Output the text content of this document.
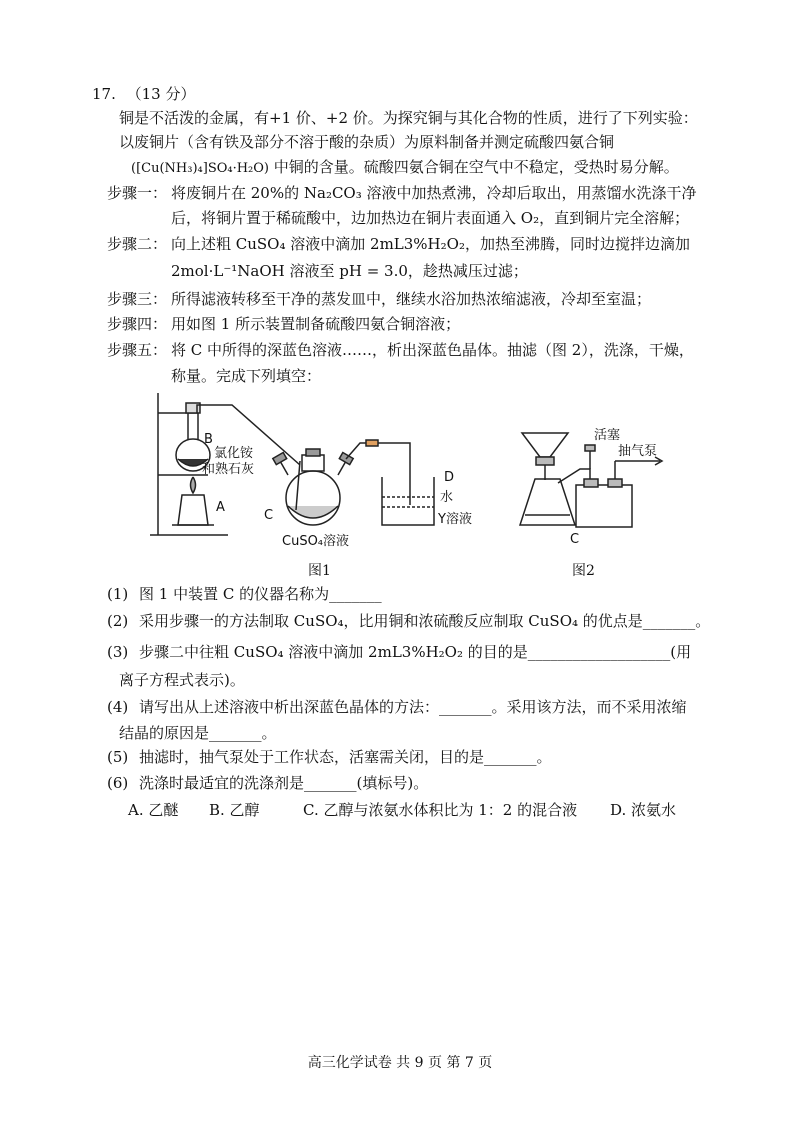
17. （13 分）
铜是不活泼的金属，有+1 价、+2 价。为探究铜与其化合物的性质，进行了下列实验：
以废铜片（含有铁及部分不溶于酸的杂质）为原料制备并测定硫酸四氨合铜
([Cu(NH₃)₄]SO₄·H₂O) 中铜的含量。硫酸四氨合铜在空气中不稳定，受热时易分解。
步骤一： 将废铜片在 20%的 Na₂CO₃ 溶液中加热煮沸，冷却后取出，用蒸馏水洗涤干净
后，将铜片置于稀硫酸中，边加热边在铜片表面通入 O₂，直到铜片完全溶解；
步骤二： 向上述粗 CuSO₄ 溶液中滴加 2mL3%H₂O₂，加热至沸腾，同时边搅拌边滴加
2mol·L⁻¹NaOH 溶液至 pH = 3.0，趁热减压过滤；
步骤三： 所得滤液转移至干净的蒸发皿中，继续水浴加热浓缩滤液，冷却至室温；
步骤四： 用如图 1 所示装置制备硫酸四氨合铜溶液；
步骤五： 将 C 中所得的深蓝色溶液……，析出深蓝色晶体。抽滤（图 2），洗涤，干燥，
称量。完成下列填空：
B
氯化铵
和熟石灰
A
C
CuSO₄溶液
D
水
Y溶液
活塞
抽气泵
C
图1	图2
(1) 图 1 中装置 C 的仪器名称为_______
(2) 采用步骤一的方法制取 CuSO₄，比用铜和浓硫酸反应制取 CuSO₄ 的优点是_______。
(3) 步骤二中往粗 CuSO₄ 溶液中滴加 2mL3%H₂O₂ 的目的是___________________(用
离子方程式表示)。
(4) 请写出从上述溶液中析出深蓝色晶体的方法：_______。采用该方法，而不采用浓缩
结晶的原因是_______。
(5) 抽滤时，抽气泵处于工作状态，活塞需关闭，目的是_______。
(6) 洗涤时最适宜的洗涤剂是_______(填标号)。
A. 乙醚 B. 乙醇	C. 乙醇与浓氨水体积比为 1：2 的混合液 D. 浓氨水
高三化学试卷 共 9 页 第 7 页
